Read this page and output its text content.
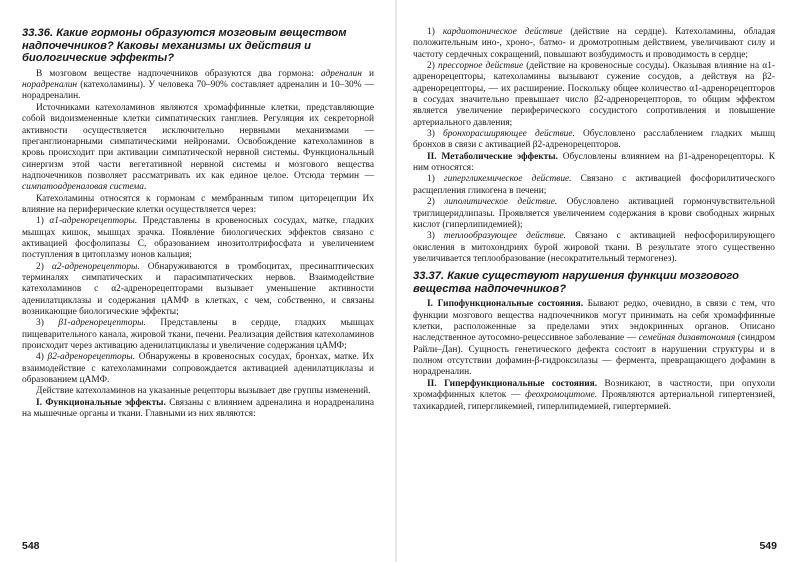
33.36. Какие гормоны образуются мозговым веществом надпочечников? Каковы механизмы их действия и биологические эффекты?

В мозговом веществе надпочечников образуются два гормона: адреналин и норадреналин (катехоламины). У человека 70–90% составляет адреналин и 10–30% — норадреналин.

Источниками катехоламинов являются хромаффинные клетки, представляющие собой видоизмененные клетки симпатических ганглиев. Регуляция их секреторной активности осуществляется исключительно нервными механизмами — преганглионарными симпатическими нейронами. Освобождение катехоламинов в кровь происходит при активации симпатической нервной системы. Функциональный синергизм этой части вегетативной нервной системы и мозгового вещества надпочечников позволяет рассматривать их как единое целое. Отсюда термин — симпатоадреналовая система.

Катехоламины относятся к гормонам с мембранным типом циторецепции Их влияние на периферические клетки осуществляется через:

1) α1-адренорецепторы. Представлены в кровеносных сосудах, матке, гладких мышцах кишок, мышцах зрачка. Появление биологических эффектов связано с активацией фосфолипазы С, образованием инозитолтрифосфата и увеличением поступления в цитоплазму ионов кальция;

2) α2-адренорецепторы. Обнаруживаются в тромбоцитах, пресинаптических терминалях симпатических и парасимпатических нервов. Взаимодействие катехоламинов с α2-адренорецепторами вызывает уменьшение активности аденилатциклазы и содержания цАМФ в клетках, с чем, собственно, и связаны возникающие биологические эффекты;

3) β1-адренорецепторы. Представлены в сердце, гладких мышцах пищеварительного канала, жировой ткани, печени. Реализация действия катехоламинов происходит через активацию аденилатциклазы и увеличение содержания цАМФ;

4) β2-адренорецепторы. Обнаружены в кровеносных сосудах, бронхах, матке. Их взаимодействие с катехоламинами сопровождается активацией аденилатциклазы и образованием цАМФ.

Действие катехоламинов на указанные рецепторы вызывает две группы изменений.

I. Функциональные эффекты. Связаны с влиянием адреналина и норадреналина на мышечные органы и ткани. Главными из них являются:

548

1) кардиотоническое действие (действие на сердце). Катехоламины, обладая положительным ино-, хроно-, батмо- и дромотропным действием, увеличивают силу и частоту сердечных сокращений, повышают возбудимость и проводимость в сердце;

2) прессорное действие (действие на кровеносные сосуды). Оказывая влияние на α1-адренорецепторы, катехоламины вызывают сужение сосудов, а действуя на β2-адренорецепторы, — их расширение. Поскольку общее количество α1-адренорецепторов в сосудах значительно превышает число β2-адренорецепторов, то общим эффектом является увеличение периферического сосудистого сопротивления и повышение артериального давления;

3) бронхорасширяющее действие. Обусловлено расслаблением гладких мышц бронхов в связи с активацией β2-адренорецепторов.

II. Метаболические эффекты. Обусловлены влиянием на β1-адренорецепторы. К ним относятся:

1) гипергликемическое действие. Связано с активацией фосфорилитического расщепления гликогена в печени;

2) липолитическое действие. Обусловлено активацией гормончувствительной триглицеридлипазы. Проявляется увеличением содержания в крови свободных жирных кислот (гиперлипидемией);

3) теплообразующее действие. Связано с активацией нефосфорилирующего окисления в митохондриях бурой жировой ткани. В результате этого существенно увеличивается теплообразование (несократительный термогенез).

33.37. Какие существуют нарушения функции мозгового вещества надпочечников?

I. Гипофункциональные состояния. Бывают редко, очевидно, в связи с тем, что функции мозгового вещества надпочечников могут принимать на себя хромаффинные клетки, расположенные за пределами этих эндокринных органов. Описано наследственное аутосомно-рецессивное заболевание — семейная дизавтономия (синдром Райли–Дан). Сущность генетического дефекта состоит в нарушении структуры и в полном отсутствии дофамин-β-гидроксилазы — фермента, превращающего дофамин в норадреналин.

II. Гиперфункциональные состояния. Возникают, в частности, при опухоли хромаффинных клеток — феохромоцитоме. Проявляются артериальной гипертензией, тахикардией, гипергликемией, гиперлипидемией, гипертермией.

549
